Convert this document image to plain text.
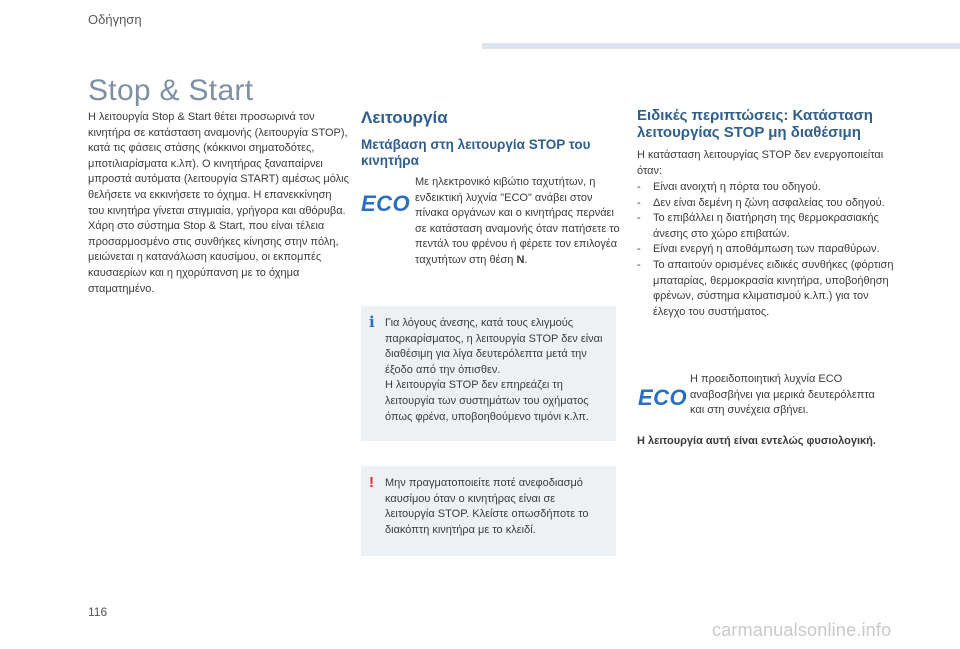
Οδήγηση
Stop & Start

Η λειτουργία Stop & Start θέτει προσωρινά τον κινητήρα σε κατάσταση αναμονής (λειτουργία STOP), κατά τις φάσεις στάσης (κόκκινοι σηματοδότες, μποτιλιαρίσματα κ.λπ). Ο κινητήρας ξαναπαίρνει μπροστά αυτόματα (λειτουργία START) αμέσως μόλις θελήσετε να εκκινήσετε το όχημα. Η επανεκκίνηση του κινητήρα γίνεται στιγμιαία, γρήγορα και αθόρυβα.

Χάρη στο σύστημα Stop & Start, που είναι τέλεια προσαρμοσμένο στις συνθήκες κίνησης στην πόλη, μειώνεται η κατανάλωση καυσίμου, οι εκπομπές καυσαερίων και η ηχορύπανση με το όχημα σταματημένο.

Λειτουργία
Μετάβαση στη λειτουργία STOP του κινητήρα
ECO
Με ηλεκτρονικό κιβώτιο ταχυτήτων, η ενδεικτική λυχνία "ECO" ανάβει στον πίνακα οργάνων και ο κινητήρας περνάει σε κατάσταση αναμονής όταν πατήσετε το πεντάλ του φρένου ή φέρετε τον επιλογέα ταχυτήτων στη θέση N.
i Για λόγους άνεσης, κατά τους ελιγμούς παρκαρίσματος, η λειτουργία STOP δεν είναι διαθέσιμη για λίγα δευτερόλεπτα μετά την έξοδο από την όπισθεν.

Η λειτουργία STOP δεν επηρεάζει τη λειτουργία των συστημάτων του οχήματος όπως φρένα, υποβοηθούμενο τιμόνι κ.λπ.

! Μην πραγματοποιείτε ποτέ ανεφοδιασμό καυσίμου όταν ο κινητήρας είναι σε λειτουργία STOP. Κλείστε οπωσδήποτε το διακόπτη κινητήρα με το κλειδί.

Ειδικές περιπτώσεις: Κατάσταση λειτουργίας STOP μη διαθέσιμη
Η κατάσταση λειτουργίας STOP δεν ενεργοποιείται όταν:
- Είναι ανοιχτή η πόρτα του οδηγού.
- Δεν είναι δεμένη η ζώνη ασφαλείας του οδηγού.
- Το επιβάλλει η διατήρηση της θερμοκρασιακής άνεσης στο χώρο επιβατών.
- Είναι ενεργή η αποθάμπωση των παραθύρων.
- Το απαιτούν ορισμένες ειδικές συνθήκες (φόρτιση μπαταρίας, θερμοκρασία κινητήρα, υποβοήθηση φρένων, σύστημα κλιματισμού κ.λπ.) για τον έλεγχο του συστήματος.
ECO
Η προειδοποιητική λυχνία ECO αναβοσβήνει για μερικά δευτερόλεπτα και στη συνέχεια σβήνει.
Η λειτουργία αυτή είναι εντελώς φυσιολογική.
116
carmanualsonline.info
